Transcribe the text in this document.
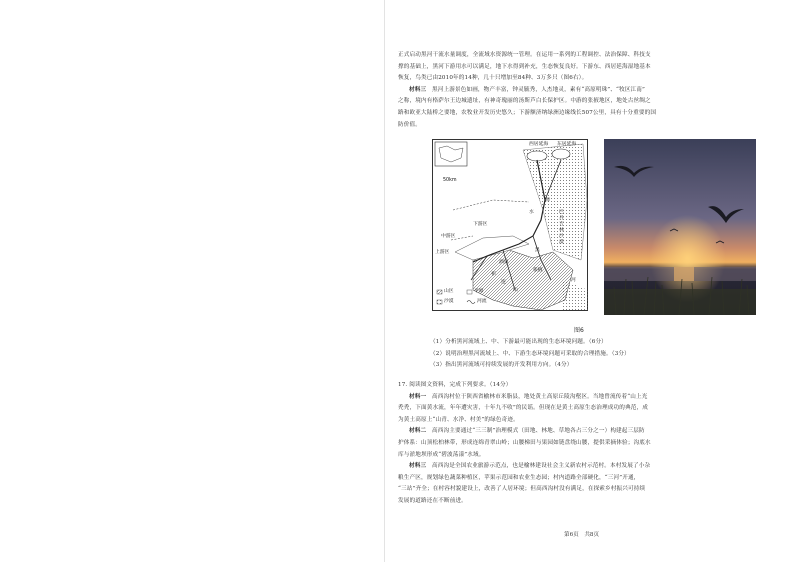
正式启动黑河干流水量调度，全流域水资源统一管理。在运用一系列的工程调控、法治保障、科技支
撑的基础上，黑河下游用水可以满足，地下水得到补充，生态恢复良好。下游东、西居延海湿地基本
恢复，鸟类已由2010年的14种，几十只增加至84种、3万多只（图6右）。
材料三　 黑河上游景色如画，物产丰富，钟灵毓秀，人杰地灵，素有“高原明珠”、“牧区江南”
之称，境内有格萨尔王边城遗址，有神奇瑰丽的汤斯芦白长保护区。中游的张掖地区，地处古丝绸之
路和欧亚大陆桥之要地，农牧业开发历史悠久；下游额济纳绿洲边缘线长507公里，具有十分重要的国
防价值。
西居延海 东居延海
50km
源
水	巴丹吉林沙漠
下游区
中游区
上游区
酒泉
张掖
黑
河
祁
连
山
山区	平原
沙漠	河流
图6
（1）分析黑河流域上、中、下游最可能出现的生态环境问题。（6分）
（2）说明治理黑河流域上、中、下游生态环境问题可采取的合理措施。（3分）
（3）指出黑河流域可持续发展的开发利用方向。（4分）
17. 阅读图文资料，完成下列要求。（14分）
材料一　 高西沟村位于陕西省榆林市米脂县，地处黄土高原丘陵沟壑区。当地曾流传着“山上光
秃秃，下面黄水流，年年遭灾害，十年九不收”的民谣。但现在是黄土高原生态治理成功的典范，成
为黄土高原上“山青、水净、村美”的绿色奇迹。
材料二　 高西沟主要通过“三三制”治理模式（田地、林地、草地各占三分之一）构建起三层防
护体系：山顶松柏林带，形成连绵青翠山岭；山腰梯田与果园如链盘绕山腰，提供采摘体验；沟底水
库与淤地坝形成“碧波荡漾”水域。
材料三　 高西沟是全国农业旅游示范点，也是榆林建设社会主义新农村示范村。本村发展了小杂
粮生产区，规划绿色蔬菜种植区，苹果示范园和农业生态园；村内道路全部硬化，“三河”开通，
“三站”齐全；在村容村貌建设上，改善了人居环境；但高西沟村没有满足，在探索乡村振兴可持续
发展的道路还在不断前进。
第6页　共8页
